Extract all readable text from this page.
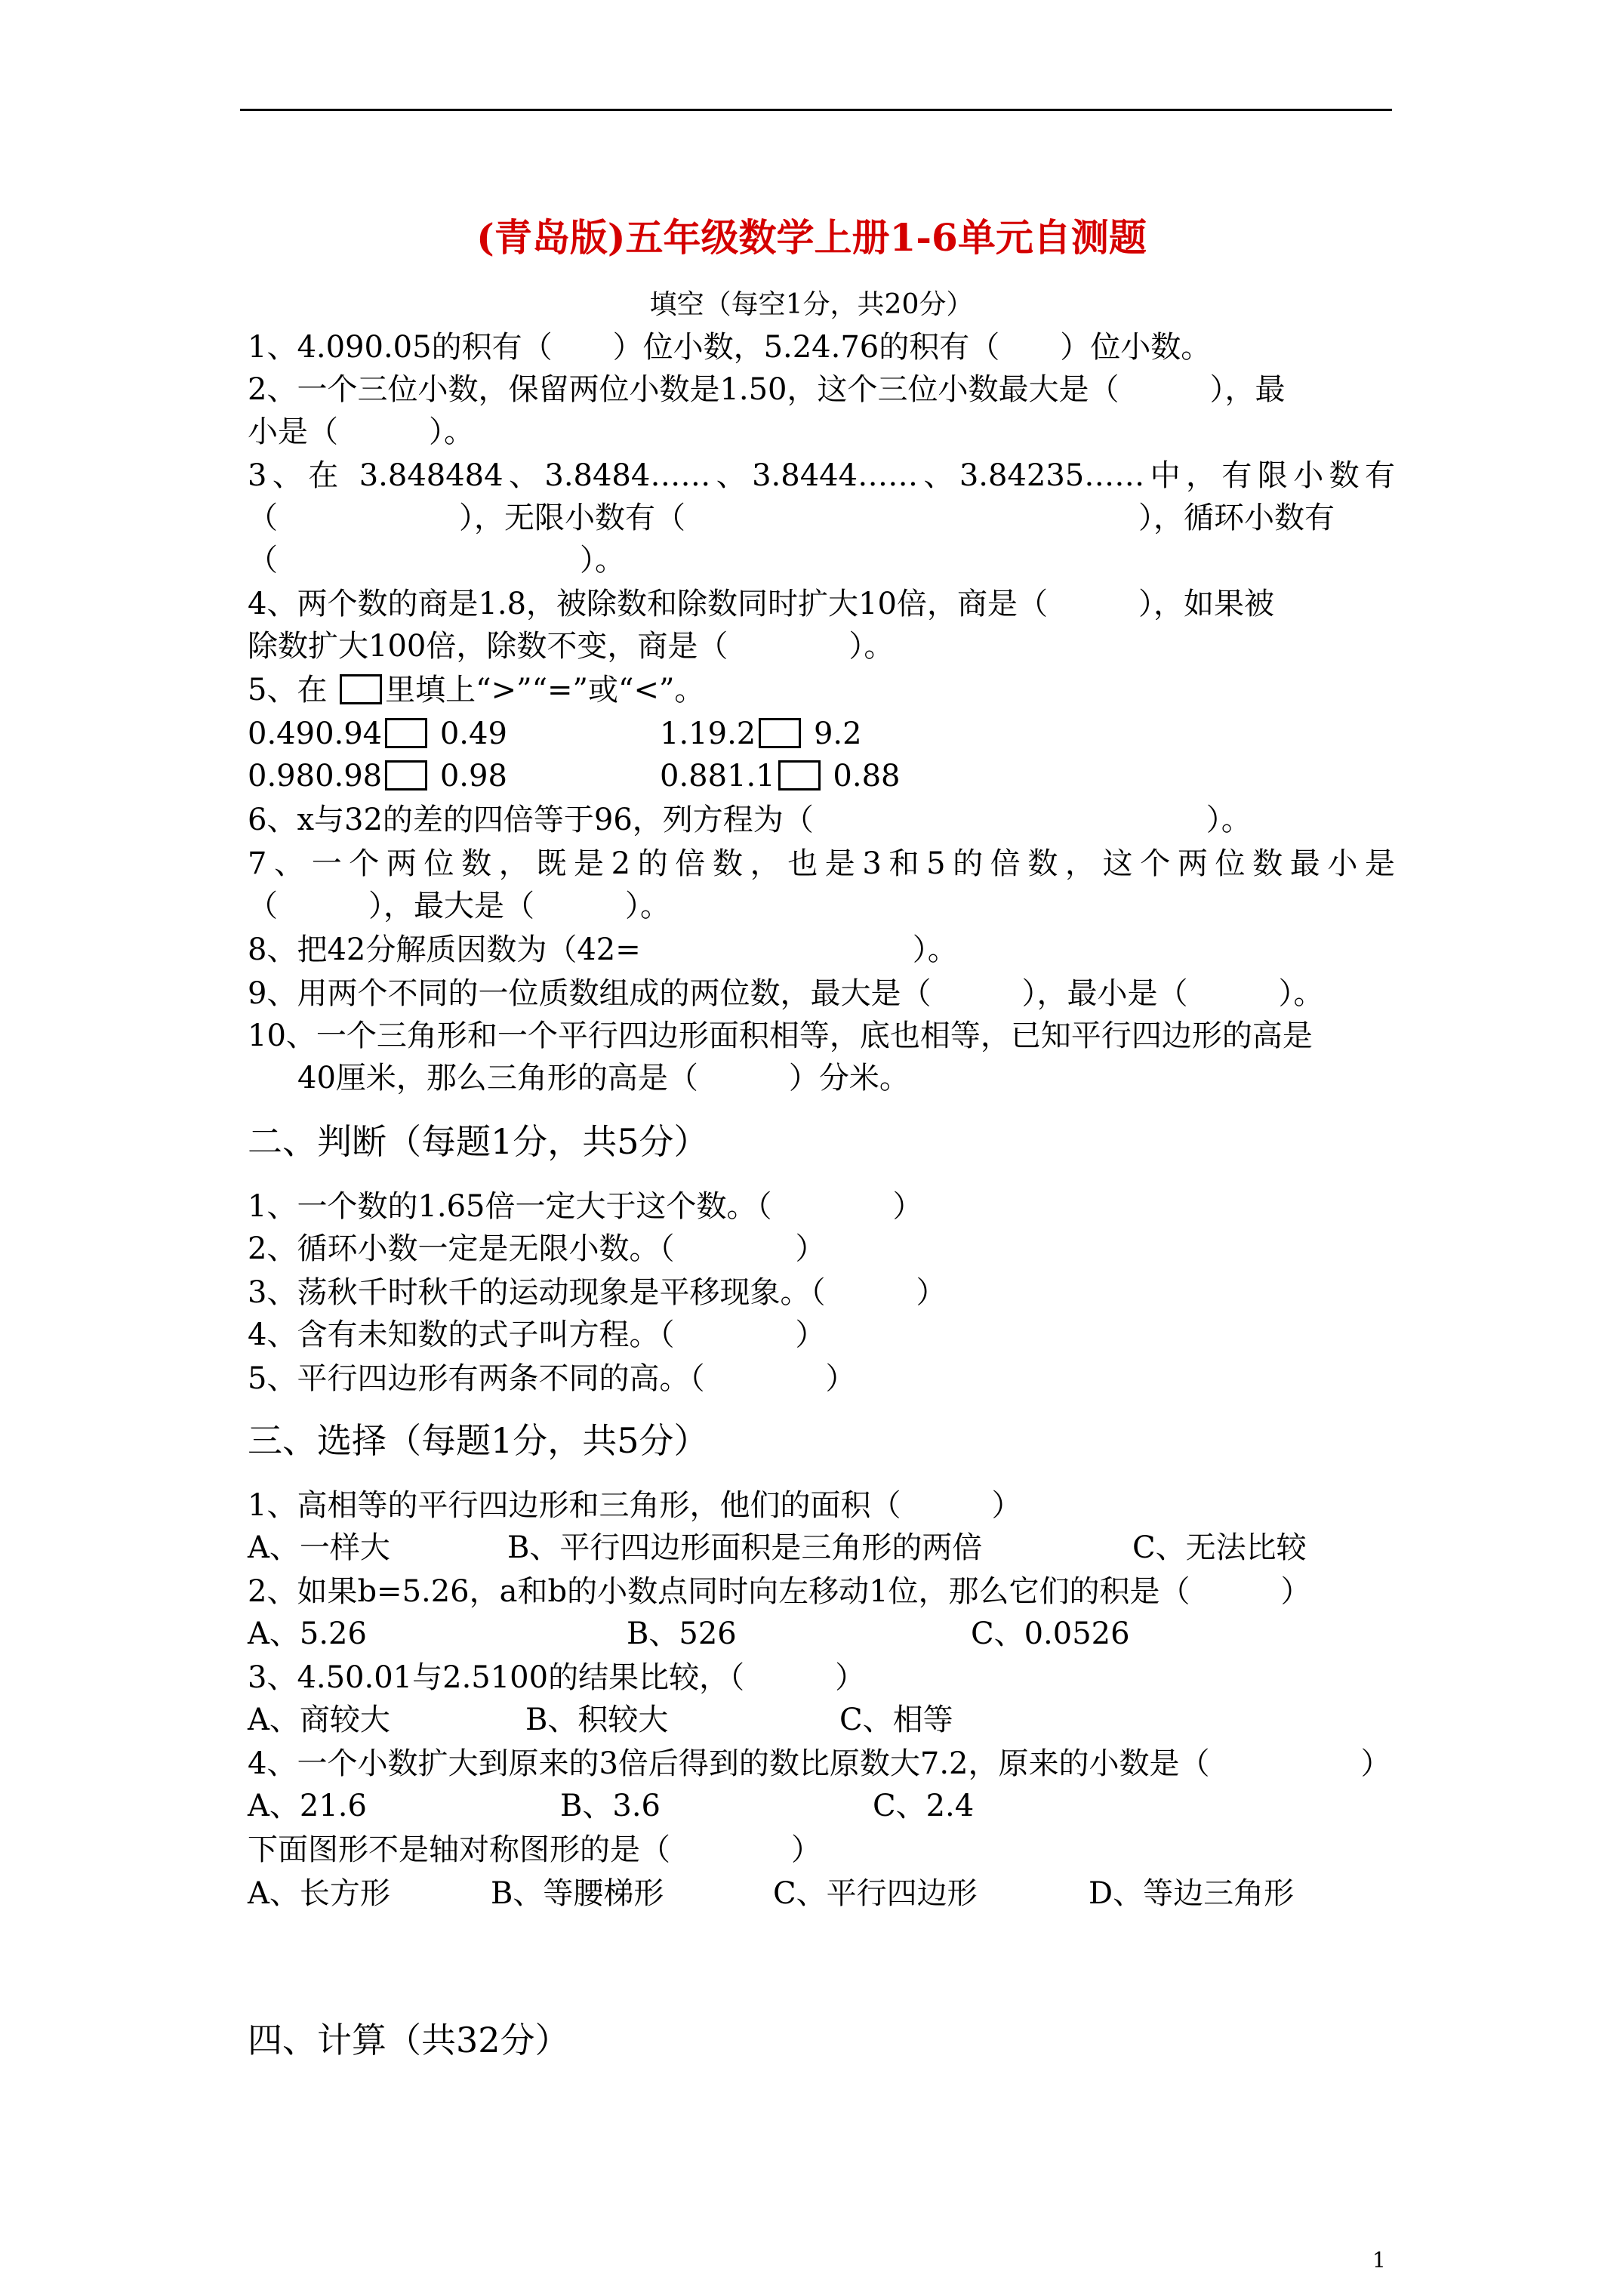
(青岛版)五年级数学上册1-6单元自测题
填空（每空1分，共20分）
1、4.090.05的积有（　　）位小数，5.24.76的积有（　　）位小数。
2、一个三位小数，保留两位小数是1.50，这个三位小数最大是（　　　），最
小是（　　　）。
3、在 3.848484、3.8484……、3.8444……、3.84235……中，有限小数有
（　　　　　　），无限小数有（　　　　　　　　　　　　　　　），循环小数有
（　　　　　　　　　　）。
4、两个数的商是1.8，被除数和除数同时扩大10倍，商是（　　　），如果被
除数扩大100倍，除数不变，商是（　　　　）。
5、在 里填上“>”“=”或“<”。
0.490.94 0.49	1.19.2 9.2
0.980.98 0.98	0.881.1 0.88
6、x与32的差的四倍等于96，列方程为（　　　　　　　　　　　　　）。
7、一个两位数，既是2的倍数，也是3和5的倍数，这个两位数最小是
（　　　），最大是（　　　）。
8、把42分解质因数为（42=　　　　　　　　　）。
9、用两个不同的一位质数组成的两位数，最大是（　　　），最小是（　　　）。
10、一个三角形和一个平行四边形面积相等，底也相等，已知平行四边形的高是
40厘米，那么三角形的高是（　　　）分米。
二、判断（每题1分，共5分）
1、一个数的1.65倍一定大于这个数。（　　　　）
2、循环小数一定是无限小数。（　　　　）
3、荡秋千时秋千的运动现象是平移现象。（　　　）
4、含有未知数的式子叫方程。（　　　　）
5、平行四边形有两条不同的高。（　　　　）
三、选择（每题1分，共5分）
1、高相等的平行四边形和三角形，他们的面积（　　　）
A、一样大	B、平行四边形面积是三角形的两倍	C、无法比较
2、如果b=5.26，a和b的小数点同时向左移动1位，那么它们的积是（　　　）
A、5.26	B、526	C、0.0526
3、4.50.01与2.5100的结果比较，（　　　）
A、商较大	B、积较大	C、相等
4、一个小数扩大到原来的3倍后得到的数比原数大7.2，原来的小数是（　　　　　）
A、21.6	B、3.6	C、2.4
下面图形不是轴对称图形的是（　　　　）
A、长方形	B、等腰梯形	C、平行四边形	D、等边三角形
四、计算（共32分）
1
